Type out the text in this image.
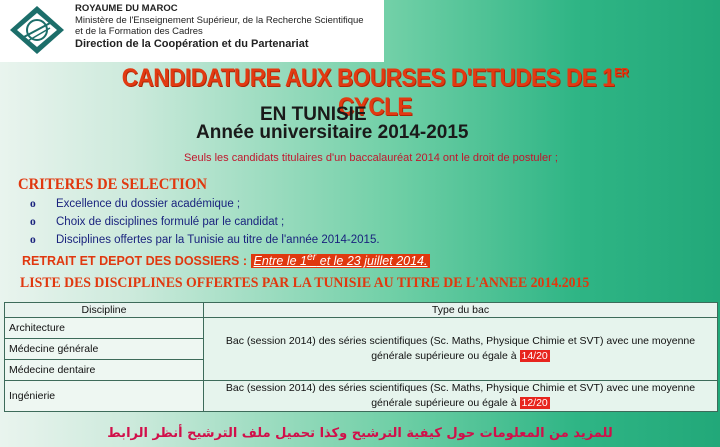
ROYAUME DU MAROC
Ministère de l'Enseignement Supérieur, de la Recherche Scientifique
et de la Formation des Cadres
Direction de la Coopération et du Partenariat
CANDIDATURE AUX BOURSES D'ETUDES DE 1ER CYCLE
EN TUNISIE
Année universitaire 2014-2015
Seuls les candidats titulaires d'un baccalauréat 2014 ont le droit de postuler ;
CRITERES DE SELECTION
o Excellence du dossier académique ;
o Choix de disciplines formulé par le candidat ;
o Disciplines offertes par la Tunisie au titre de l'année 2014-2015.
RETRAIT ET DEPOT DES DOSSIERS : Entre le 1er et le 23 juillet 2014.
LISTE DES DISCIPLINES OFFERTES PAR LA TUNISIE AU TITRE DE L'ANNEE 2014.2015
Discipline	Type du bac
Architecture	Bac (session 2014) des séries scientifiques (Sc. Maths, Physique Chimie et SVT) avec une moyenne générale supérieure ou égale à 14/20
Médecine générale	
Médecine dentaire	
Ingénierie	Bac (session 2014) des séries scientifiques (Sc. Maths, Physique Chimie et SVT) avec une moyenne générale supérieure ou égale à 12/20
للمزيد من المعلومات حول كيفية الترشيح وكذا تحميل ملف الترشيح أنظر الرابط
